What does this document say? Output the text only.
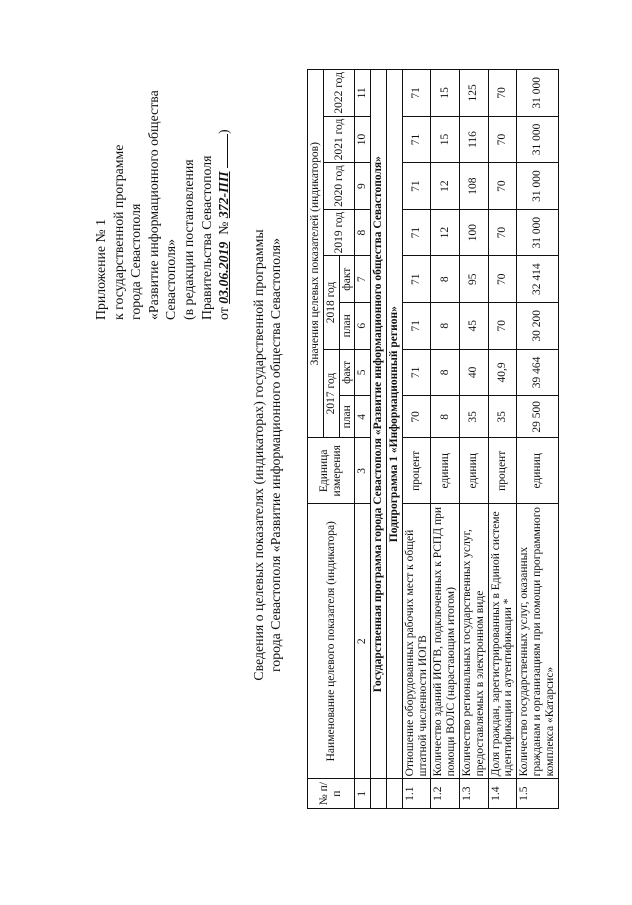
Приложение № 1 к государственной программе города Севастополя «Развитие информационного общества Севастополя» (в редакции постановления Правительства Севастополя от 03.06.2019  № 372-ПП )
Сведения о целевых показателях (индикаторах) государственной программы города Севастополя «Развитие информационного общества Севастополя»
№ п/п	Наименование целевого показателя (индикатора)	Единица измерения	Значения целевых показателей (индикаторов)							
			2017 год		2018 год		2019 год	2020 год	2021 год	2022 год
			план	факт	план	факт				
1	2	3	4	5	6	7	8	9	10	11
	Государственная программа города Севастополя «Развитие информационного общества Севастополя»									
	Подпрограмма 1 «Информационный регион»									
1.1	Отношение оборудованных рабочих мест к общей штатной численности ИОГВ	процент	70	71	71	71	71	71	71	71
1.2	Количество зданий ИОГВ, подключенных к РСПД при помощи ВОЛС (нарастающим итогом)	единиц	8	8	8	8	12	12	15	15
1.3	Количество региональных государственных услуг, предоставляемых в электронном виде	единиц	35	40	45	95	100	108	116	125
1.4	Доля граждан, зарегистрированных в Единой системе идентификации и аутентификации *	процент	35	40,9	70	70	70	70	70	70
1.5	Количество государственных услуг, оказанных гражданам и организациям при помощи программного комплекса «Катарсис»	единиц	29 500	39 464	30 200	32 414	31 000	31 000	31 000	31 000
